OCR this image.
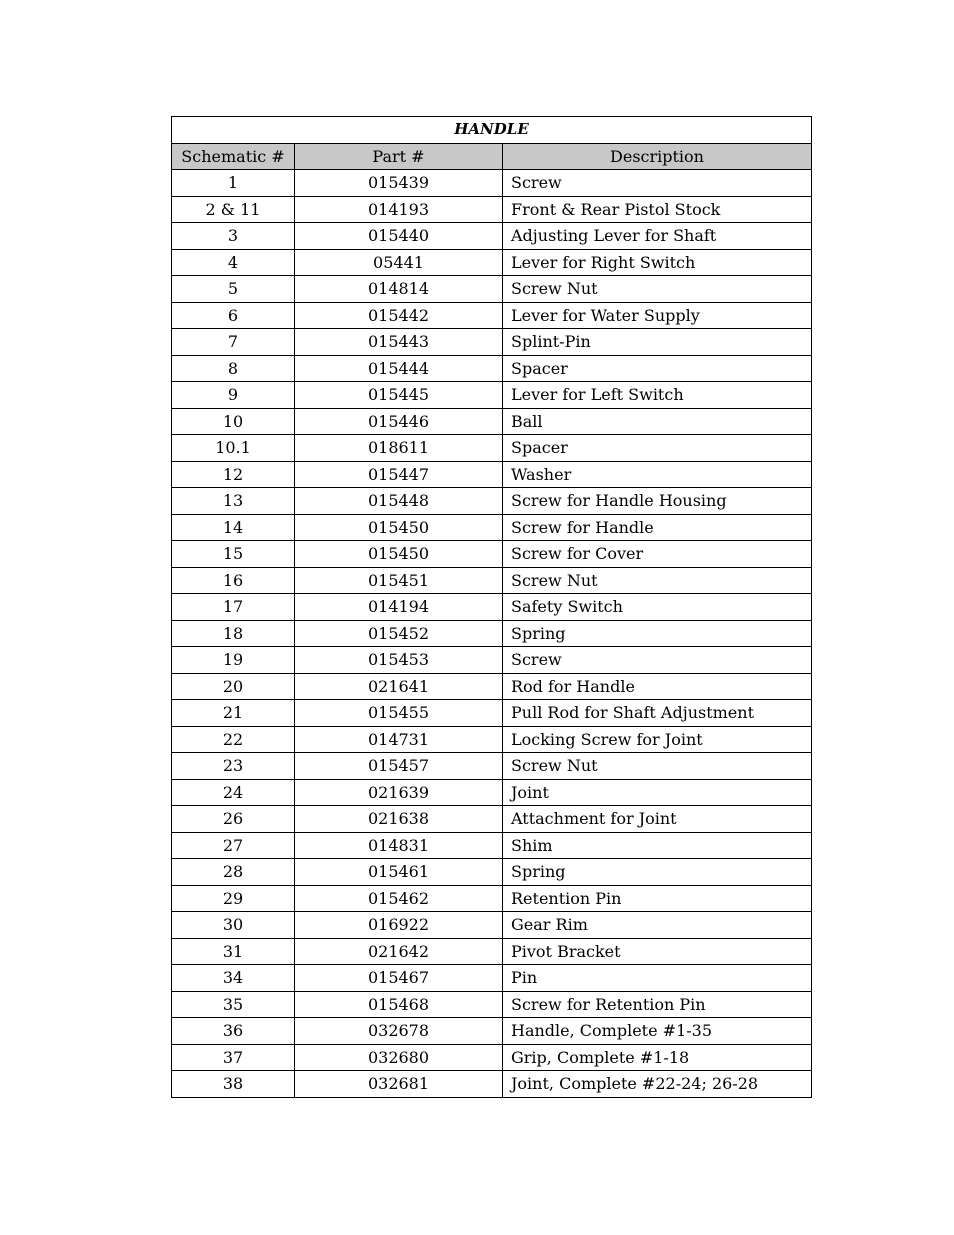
HANDLE		
Schematic #	Part #	Description
1	015439	Screw
2 & 11	014193	Front & Rear Pistol Stock
3	015440	Adjusting Lever for Shaft
4	05441	Lever for Right Switch
5	014814	Screw Nut
6	015442	Lever for Water Supply
7	015443	Splint-Pin
8	015444	Spacer
9	015445	Lever for Left Switch
10	015446	Ball
10.1	018611	Spacer
12	015447	Washer
13	015448	Screw for Handle Housing
14	015450	Screw for Handle
15	015450	Screw for Cover
16	015451	Screw Nut
17	014194	Safety Switch
18	015452	Spring
19	015453	Screw
20	021641	Rod for Handle
21	015455	Pull Rod for Shaft Adjustment
22	014731	Locking Screw for Joint
23	015457	Screw Nut
24	021639	Joint
26	021638	Attachment for Joint
27	014831	Shim
28	015461	Spring
29	015462	Retention Pin
30	016922	Gear Rim
31	021642	Pivot Bracket
34	015467	Pin
35	015468	Screw for Retention Pin
36	032678	Handle, Complete #1-35
37	032680	Grip, Complete #1-18
38	032681	Joint, Complete #22-24; 26-28
